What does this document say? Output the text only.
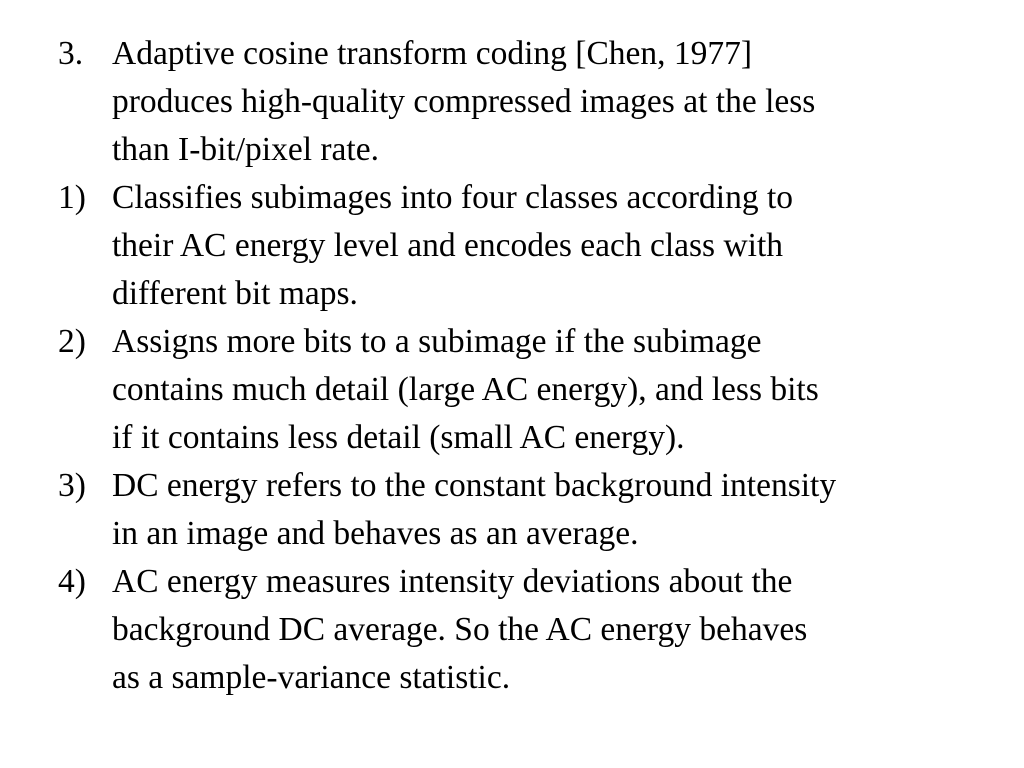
3. Adaptive cosine transform coding [Chen, 1977]
produces high-quality compressed images at the less
than I-bit/pixel rate.
1) Classifies subimages into four classes according to
their AC energy level and encodes each class with
different bit maps.
2) Assigns more bits to a subimage if the subimage
contains much detail (large AC energy), and less bits
if it contains less detail (small AC energy).
3) DC energy refers to the constant background intensity
in an image and behaves as an average.
4) AC energy measures intensity deviations about the
background DC average. So the AC energy behaves
as a sample-variance statistic.
